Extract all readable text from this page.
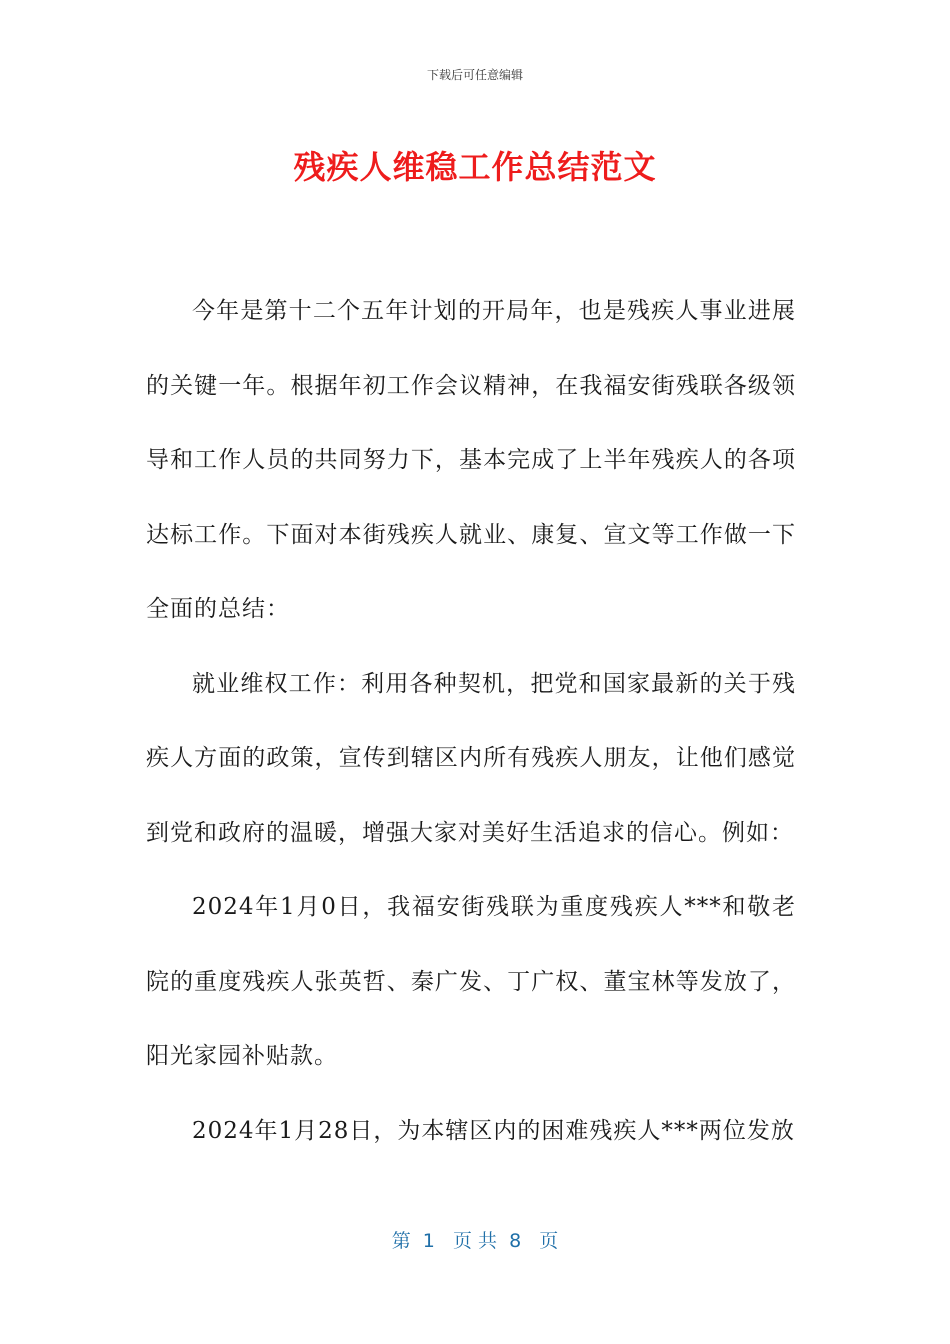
下载后可任意编辑
残疾人维稳工作总结范文

今年是第十二个五年计划的开局年，也是残疾人事业进展的关键一年。根据年初工作会议精神，在我福安街残联各级领导和工作人员的共同努力下，基本完成了上半年残疾人的各项达标工作。下面对本街残疾人就业、康复、宣文等工作做一下全面的总结：

就业维权工作：利用各种契机，把党和国家最新的关于残疾人方面的政策，宣传到辖区内所有残疾人朋友，让他们感觉到党和政府的温暖，增强大家对美好生活追求的信心。例如：

2024年1月0日，我福安街残联为重度残疾人***和敬老院的重度残疾人张英哲、秦广发、丁广权、董宝林等发放了，阳光家园补贴款。

2024年1月28日，为本辖区内的困难残疾人***两位发放

第  1   页 共  8   页
